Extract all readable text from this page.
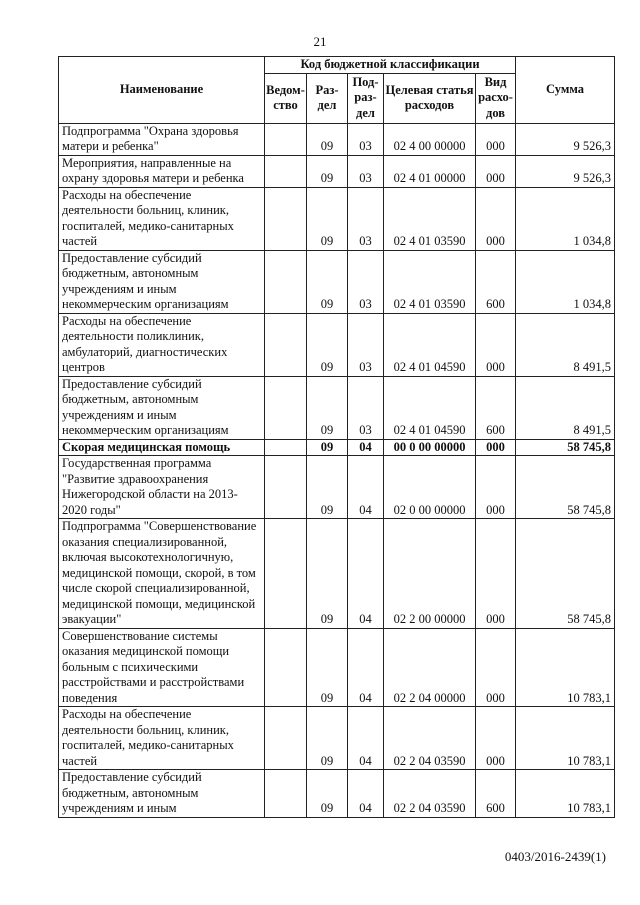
21
Наименование	Код бюджетной классификации					Сумма
	Ведом-ство	Раз-дел	Под-раз-дел	Целевая статья расходов	Вид расхо-дов	
Подпрограмма "Охрана здоровья матери и ребенка"		09	03	02 4 00 00000	000	9 526,3
Мероприятия, направленные на охрану здоровья матери и ребенка		09	03	02 4 01 00000	000	9 526,3
Расходы на обеспечение деятельности больниц, клиник, госпиталей, медико-санитарных частей		09	03	02 4 01 03590	000	1 034,8
Предоставление субсидий бюджетным, автономным учреждениям и иным некоммерческим организациям		09	03	02 4 01 03590	600	1 034,8
Расходы на обеспечение деятельности поликлиник, амбулаторий, диагностических центров		09	03	02 4 01 04590	000	8 491,5
Предоставление субсидий бюджетным, автономным учреждениям и иным некоммерческим организациям		09	03	02 4 01 04590	600	8 491,5
Скорая медицинская помощь		09	04	00 0 00 00000	000	58 745,8
Государственная программа "Развитие здравоохранения Нижегородской области на 2013-2020 годы"		09	04	02 0 00 00000	000	58 745,8
Подпрограмма "Совершенствование оказания специализированной, включая высокотехнологичную, медицинской помощи, скорой, в том числе скорой специализированной, медицинской помощи, медицинской эвакуации"		09	04	02 2 00 00000	000	58 745,8
Совершенствование системы оказания медицинской помощи больным с психическими расстройствами и расстройствами поведения		09	04	02 2 04 00000	000	10 783,1
Расходы на обеспечение деятельности больниц, клиник, госпиталей, медико-санитарных частей		09	04	02 2 04 03590	000	10 783,1
Предоставление субсидий бюджетным, автономным учреждениям и иным		09	04	02 2 04 03590	600	10 783,1
0403/2016-2439(1)
